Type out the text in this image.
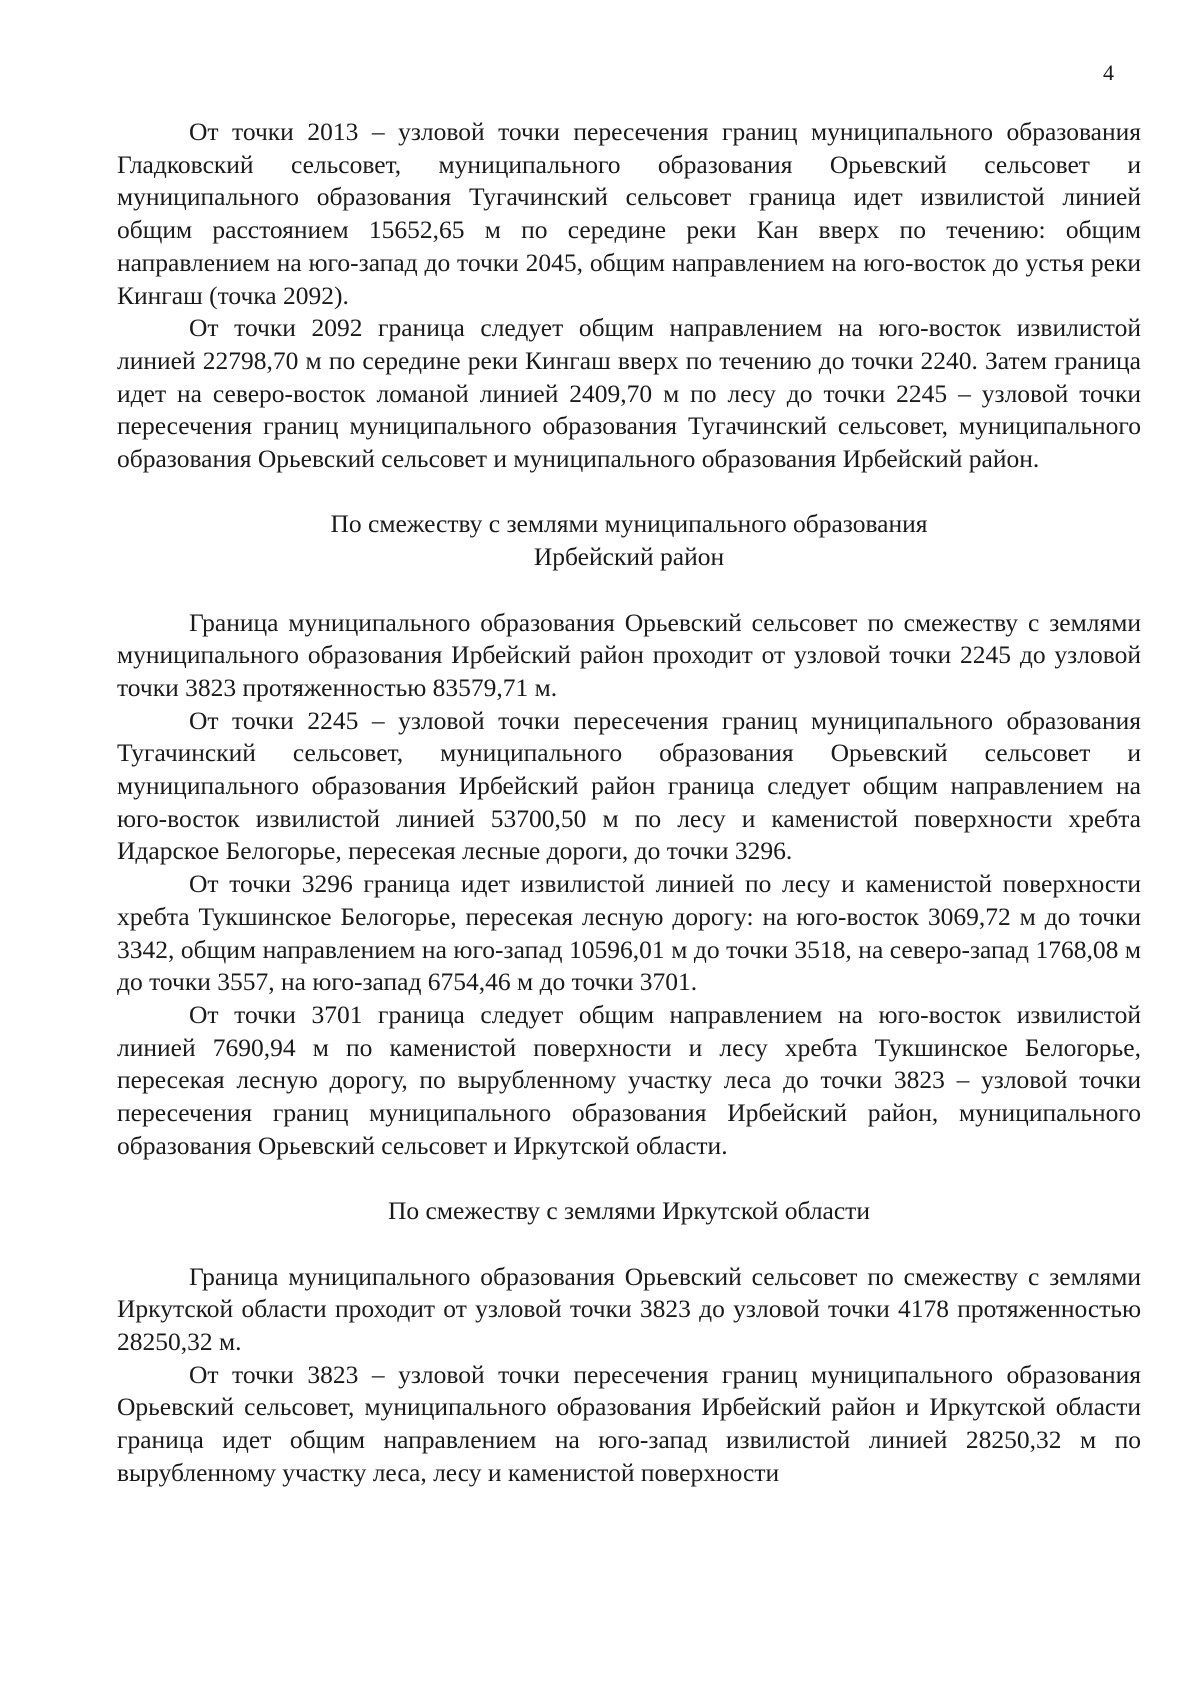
4

От точки 2013 – узловой точки пересечения границ муниципального образования Гладковский сельсовет, муниципального образования Орьевский сельсовет и муниципального образования Тугачинский сельсовет граница идет извилистой линией общим расстоянием 15652,65 м по середине реки Кан вверх по течению: общим направлением на юго-запад до точки 2045, общим направлением на юго-восток до устья реки Кингаш (точка 2092).

От точки 2092 граница следует общим направлением на юго-восток извилистой линией 22798,70 м по середине реки Кингаш вверх по течению до точки 2240. Затем граница идет на северо-восток ломаной линией 2409,70 м по лесу до точки 2245 – узловой точки пересечения границ муниципального образования Тугачинский сельсовет, муниципального образования Орьевский сельсовет и муниципального образования Ирбейский район.

По смежеству с землями муниципального образования
Ирбейский район

Граница муниципального образования Орьевский сельсовет по смежеству с землями муниципального образования Ирбейский район проходит от узловой точки 2245 до узловой точки 3823 протяженностью 83579,71 м.

От точки 2245 – узловой точки пересечения границ муниципального образования Тугачинский сельсовет, муниципального образования Орьевский сельсовет и муниципального образования Ирбейский район граница следует общим направлением на юго-восток извилистой линией 53700,50 м по лесу и каменистой поверхности хребта Идарское Белогорье, пересекая лесные дороги, до точки 3296.

От точки 3296 граница идет извилистой линией по лесу и каменистой поверхности хребта Тукшинское Белогорье, пересекая лесную дорогу: на юго-восток 3069,72 м до точки 3342, общим направлением на юго-запад 10596,01 м до точки 3518, на северо-запад 1768,08 м до точки 3557, на юго-запад 6754,46 м до точки 3701.

От точки 3701 граница следует общим направлением на юго-восток извилистой линией 7690,94 м по каменистой поверхности и лесу хребта Тукшинское Белогорье, пересекая лесную дорогу, по вырубленному участку леса до точки 3823 – узловой точки пересечения границ муниципального образования Ирбейский район, муниципального образования Орьевский сельсовет и Иркутской области.

По смежеству с землями Иркутской области

Граница муниципального образования Орьевский сельсовет по смежеству с землями Иркутской области проходит от узловой точки 3823 до узловой точки 4178 протяженностью 28250,32 м.

От точки 3823 – узловой точки пересечения границ муниципального образования Орьевский сельсовет, муниципального образования Ирбейский район и Иркутской области граница идет общим направлением на юго-запад извилистой линией 28250,32 м по вырубленному участку леса, лесу и каменистой поверхности
